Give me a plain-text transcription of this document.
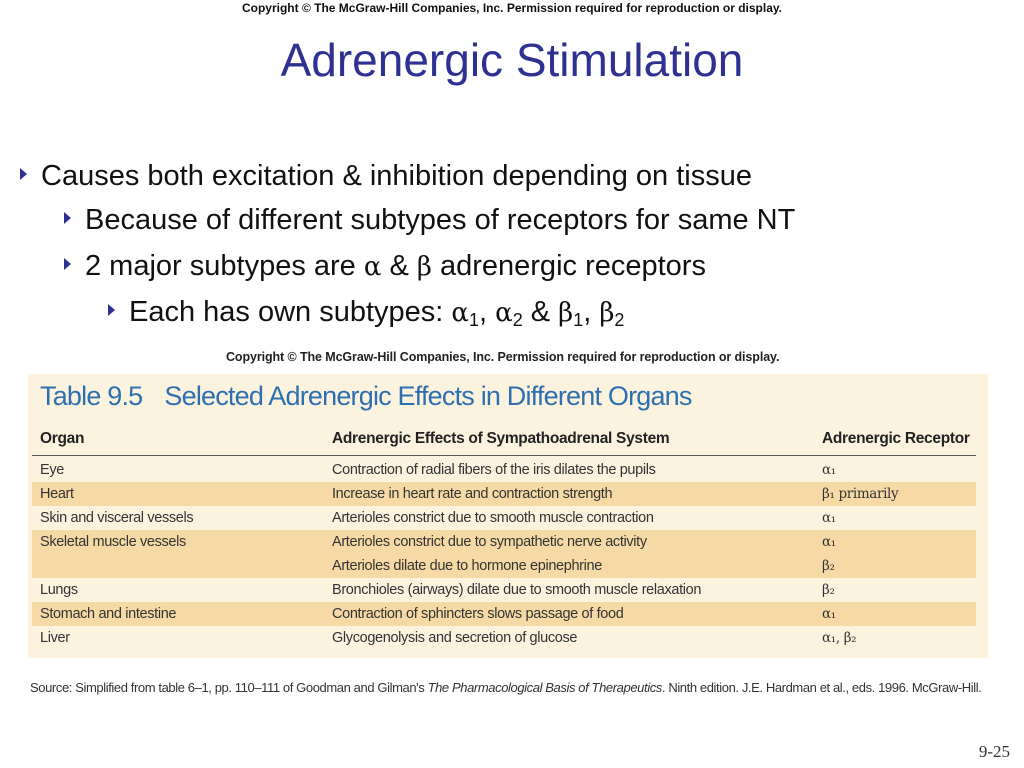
Copyright © The McGraw-Hill Companies, Inc. Permission required for reproduction or display.
Adrenergic Stimulation
Causes both excitation & inhibition depending on tissue
Because of different subtypes of receptors for same NT
2 major subtypes are α & β adrenergic receptors
Each has own subtypes: $\alpha_1$, $\alpha_2$ & $\beta_1$, $\beta_2$
Copyright © The McGraw-Hill Companies, Inc. Permission required for reproduction or display.
Table 9.5 Selected Adrenergic Effects in Different Organs
Organ	Adrenergic Effects of Sympathoadrenal System	Adrenergic Receptor
Eye	Contraction of radial fibers of the iris dilates the pupils	α₁
Heart	Increase in heart rate and contraction strength	β₁ primarily
Skin and visceral vessels	Arterioles constrict due to smooth muscle contraction	α₁
Skeletal muscle vessels	Arterioles constrict due to sympathetic nerve activity	α₁
Arterioles dilate due to hormone epinephrine	β₂
Lungs	Bronchioles (airways) dilate due to smooth muscle relaxation	β₂
Stomach and intestine	Contraction of sphincters slows passage of food	α₁
Liver	Glycogenolysis and secretion of glucose	α₁, β₂
Source: Simplified from table 6–1, pp. 110–111 of Goodman and Gilman's The Pharmacological Basis of Therapeutics. Ninth edition. J.E. Hardman et al., eds. 1996. McGraw-Hill.
9-25
